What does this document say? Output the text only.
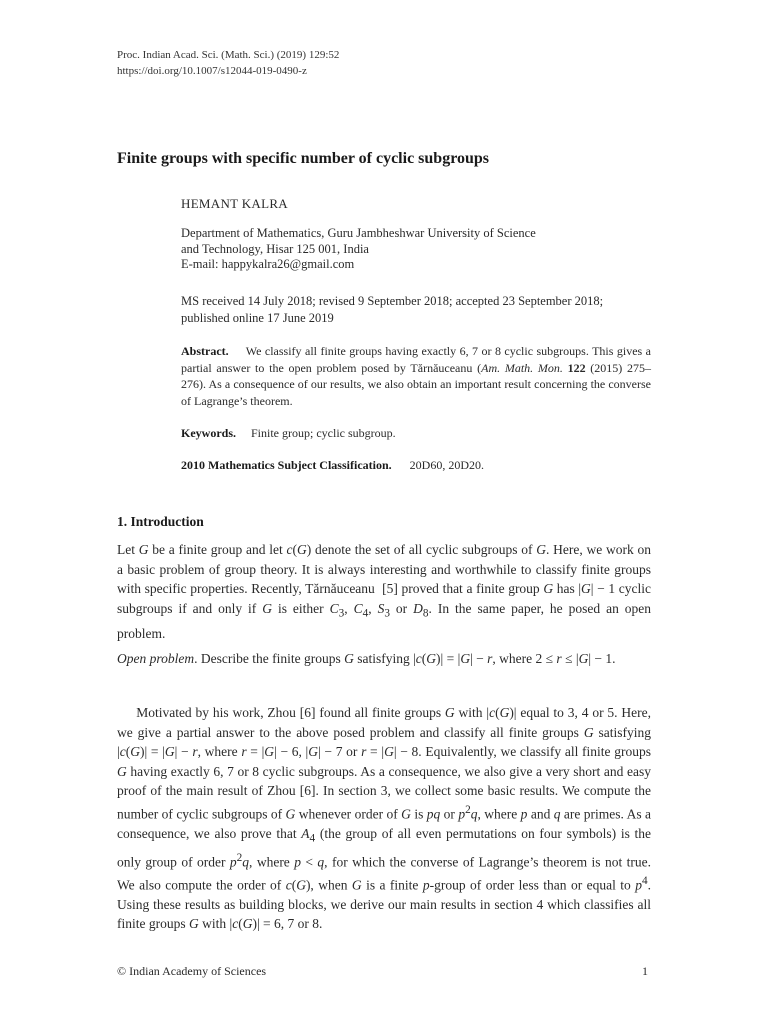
Proc. Indian Acad. Sci. (Math. Sci.) (2019) 129:52
https://doi.org/10.1007/s12044-019-0490-z
Finite groups with specific number of cyclic subgroups
HEMANT KALRA
Department of Mathematics, Guru Jambheshwar University of Science
and Technology, Hisar 125 001, India
E-mail: happykalra26@gmail.com
MS received 14 July 2018; revised 9 September 2018; accepted 23 September 2018; published online 17 June 2019
Abstract. We classify all finite groups having exactly 6, 7 or 8 cyclic subgroups. This gives a partial answer to the open problem posed by Tărnăuceanu (Am. Math. Mon. 122 (2015) 275–276). As a consequence of our results, we also obtain an important result concerning the converse of Lagrange’s theorem.
Keywords. Finite group; cyclic subgroup.
2010 Mathematics Subject Classification. 20D60, 20D20.
1. Introduction
Let G be a finite group and let c(G) denote the set of all cyclic subgroups of G. Here, we work on a basic problem of group theory. It is always interesting and worthwhile to classify finite groups with specific properties. Recently, Tărnăuceanu  [5] proved that a finite group G has |G| − 1 cyclic subgroups if and only if G is either $C_3$, $C_4$, $S_3$ or $D_8$. In the same paper, he posed an open problem.
Open problem. Describe the finite groups G satisfying |c(G)| = |G| − r, where 2 ≤ r ≤ |G| − 1.
Motivated by his work, Zhou [6] found all finite groups G with |c(G)| equal to 3, 4 or 5. Here, we give a partial answer to the above posed problem and classify all finite groups G satisfying |c(G)| = |G| − r, where r = |G| − 6, |G| − 7 or r = |G| − 8. Equivalently, we classify all finite groups G having exactly 6, 7 or 8 cyclic subgroups. As a consequence, we also give a very short and easy proof of the main result of Zhou [6]. In section 3, we collect some basic results. We compute the number of cyclic subgroups of G whenever order of G is pq or $p^2q$, where p and q are primes. As a consequence, we also prove that $A_4$ (the group of all even permutations on four symbols) is the only group of order $p^2q$, where p < q, for which the converse of Lagrange’s theorem is not true. We also compute the order of c(G), when G is a finite p-group of order less than or equal to $p^4$. Using these results as building blocks, we derive our main results in section 4 which classifies all finite groups G with |c(G)| = 6, 7 or 8.
© Indian Academy of Sciences	1
